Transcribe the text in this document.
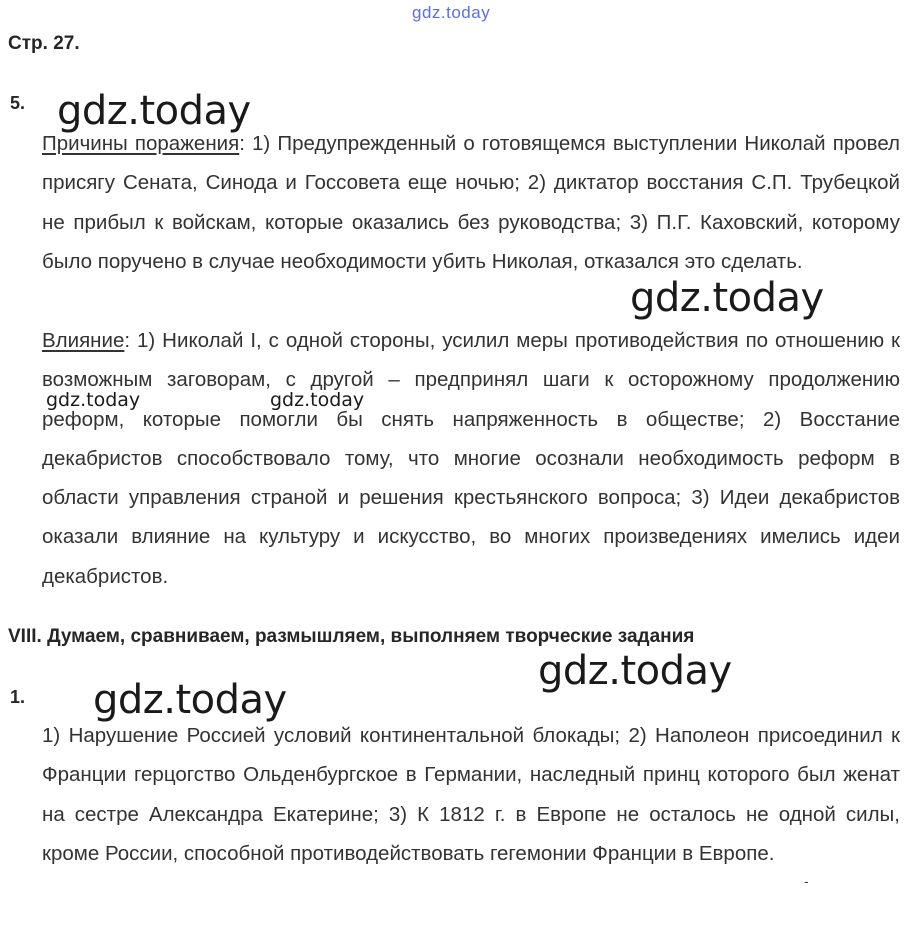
gdz.today
Стр. 27.
5. gdz.today

Причины поражения: 1) Предупрежденный о готовящемся выступлении Николай провел присягу Сената, Синода и Госсовета еще ночью; 2) диктатор восстания С.П. Трубецкой не прибыл к войскам, которые оказались без руководства; 3) П.Г. Каховский, которому было поручено в случае необходимости убить Николая, отказался это сделать.

gdz.today

Влияние: 1) Николай I, с одной стороны, усилил меры противодействия по отношению к возможным заговорам, с другой – предпринял шаги к осторожному продолжению реформ, которые помогли бы снять напряженность в обществе; 2) Восстание декабристов способствовало тому, что многие осознали необходимость реформ в области управления страной и решения крестьянского вопроса; 3) Идеи декабристов оказали влияние на культуру и искусство, во многих произведениях имелись идеи декабристов.

gdz.today	gdz.today
VIII. Думаем, сравниваем, размышляем, выполняем творческие задания
gdz.today
1. gdz.today

1) Нарушение Россией условий континентальной блокады; 2) Наполеон присоединил к Франции герцогство Ольденбургское в Германии, наследный принц которого был женат на сестре Александра Екатерине; 3) К 1812 г. в Европе не осталось не одной силы, кроме России, способной противодействовать гегемонии Франции в Европе.

-
